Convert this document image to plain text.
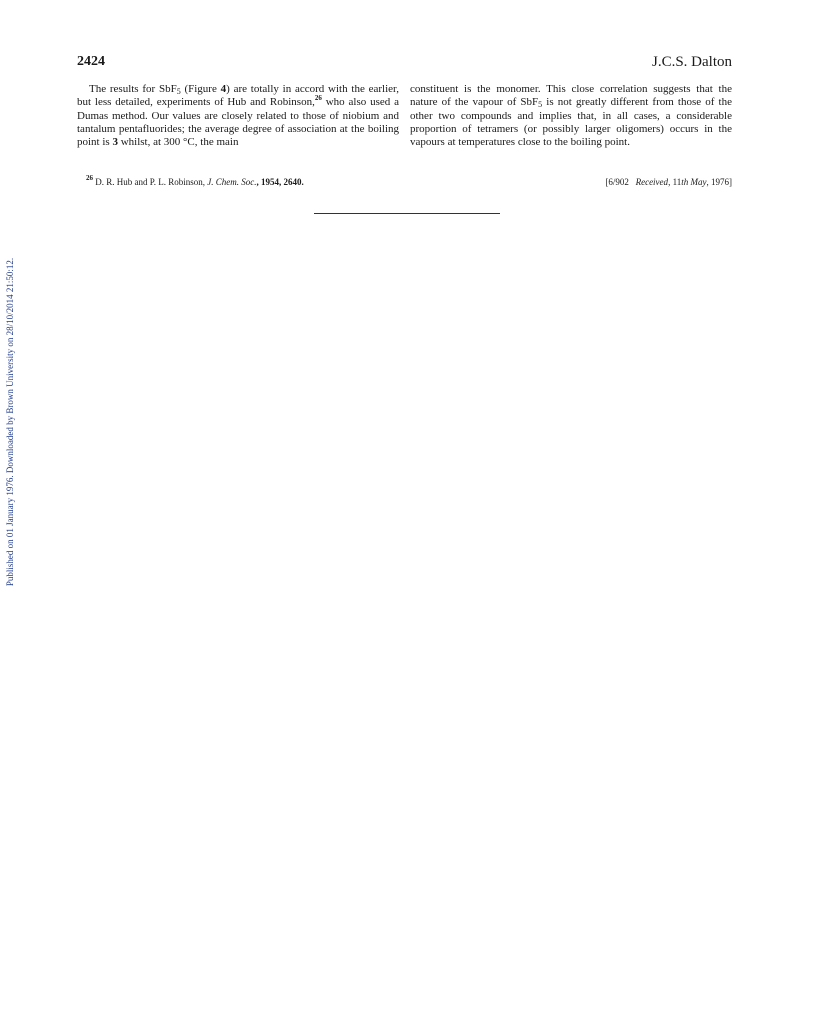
Published on 01 January 1976. Downloaded by Brown University on 28/10/2014 21:50:12.
2424	J.C.S. Dalton

The results for SbF$_5$ (Figure 4) are totally in accord with the earlier, but less detailed, experiments of Hub and Robinson,$^{26}$ who also used a Dumas method. Our values are closely related to those of niobium and tantalum pentafluorides; the average degree of association at the boiling point is 3 whilst, at 300 °C, the main

constituent is the monomer. This close correlation suggests that the nature of the vapour of SbF$_5$ is not greatly different from those of the other two compounds and implies that, in all cases, a considerable proportion of tetramers (or possibly larger oligomers) occurs in the vapours at temperatures close to the boiling point.

$^{26}$ D. R. Hub and P. L. Robinson, J. Chem. Soc., 1954, 2640.	[6/902 Received, 11th May, 1976]
